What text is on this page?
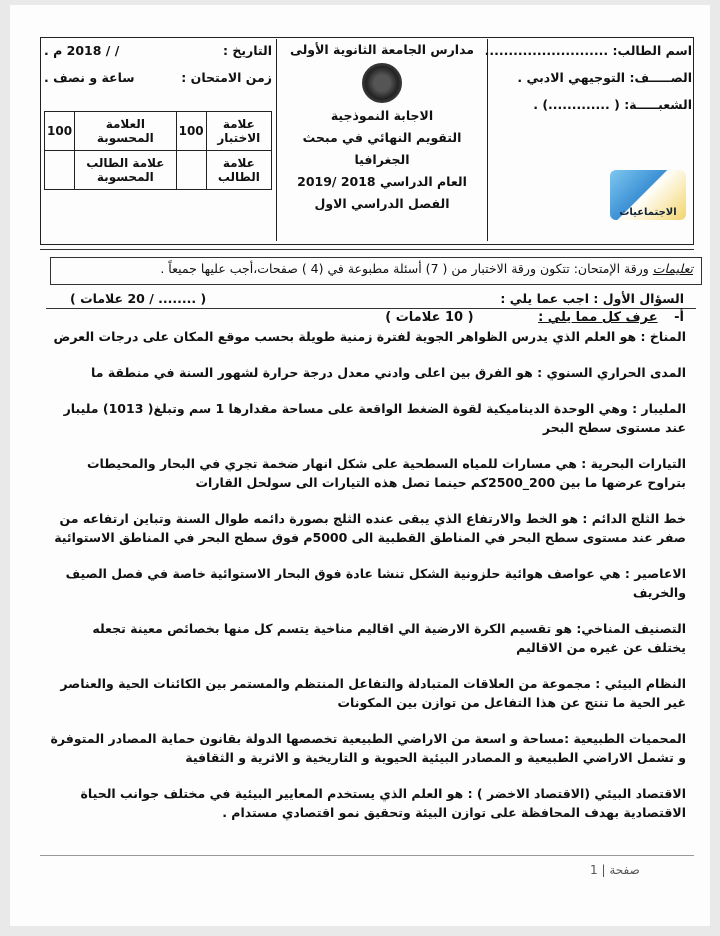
اسم الطالب: ..........................
الصـــــف: التوجيهي الادبي .
الشعبـــــة: ( .............) .
الاجتماعيات
مدارس الجامعة الثانوية الأولى
الاجابة النموذجية
التقويم النهائي في مبحث الجغرافيا
العام الدراسي 2018 /2019
الفصل الدراسي الاول
التاريخ :
/ / 2018 م .
زمن الامتحان :
ساعة و نصف .
علامة الاختبار	100	العلامة المحسوبة	100
علامة الطالب		علامة الطالب المحسوبة	
تعليمات ورقة الإمتحان: تتكون ورقة الاختبار من ( 7) أسئلة مطبوعة في (4 ) صفحات،أجب عليها جميعاً .
السؤال الأول : اجب عما يلي :
( ........ / 20 علامات )
أ- عرف كل مما يلي : ( 10 علامات )
المناخ : هو العلم الذي يدرس الظواهر الجوية لفترة زمنية طويلة بحسب موقع المكان على درجات العرض
المدى الحراري السنوي : هو الفرق بين اعلى وادني معدل درجة حرارة لشهور السنة في منطقة ما
المليبار : وهي الوحدة الديناميكية لقوة الضغط الواقعة على مساحة مقدارها 1 سم وتبلغ( 1013) مليبار عند مستوى سطح البحر
التيارات البحرية : هي مسارات للمياه السطحية على شكل انهار ضخمة تجري في البحار والمحيطات بتراوح عرضها ما بين 200_2500كم حينما تصل هذه التيارات الى سولحل القارات
خط الثلج الدائم : هو الخط والارتفاع الذي يبقى عنده الثلج بصورة دائمه طوال السنة وتباين ارتفاعه من صفر عند مستوى سطح البحر في المناطق القطبية الى 5000م فوق سطح البحر في المناطق الاستوائية
الاعاصير : هي عواصف هوائية حلزونية الشكل تنشا عادة فوق البحار الاستوائية خاصة في فصل الصيف والخريف
التصنيف المناخي: هو تقسيم الكرة الارضية الي اقاليم مناخية يتسم كل منها بخصائص معينة تجعله يختلف عن غيره من الاقاليم
النظام البيئي : مجموعة من العلاقات المتبادلة والتفاعل المنتظم والمستمر بين الكائنات الحية والعناصر غير الحية ما تنتج عن هذا التفاعل من توازن بين المكونات
المحميات الطبيعية :مساحة و اسعة من الاراضي الطبيعية تخصصها الدولة بقانون حماية المصادر المتوفرة و تشمل الاراضي الطبيعية و المصادر البيئية الحيوية و التاريخية و الاثرية و الثقافية
الاقتصاد البيئي (الاقتصاد الاخضر ) : هو العلم الذي يستخدم المعايير البيئية في مختلف جوانب الحياة الاقتصادية بهدف المحافظة على توازن البيئة وتحقيق نمو اقتصادي مستدام .
صفحة | 1
